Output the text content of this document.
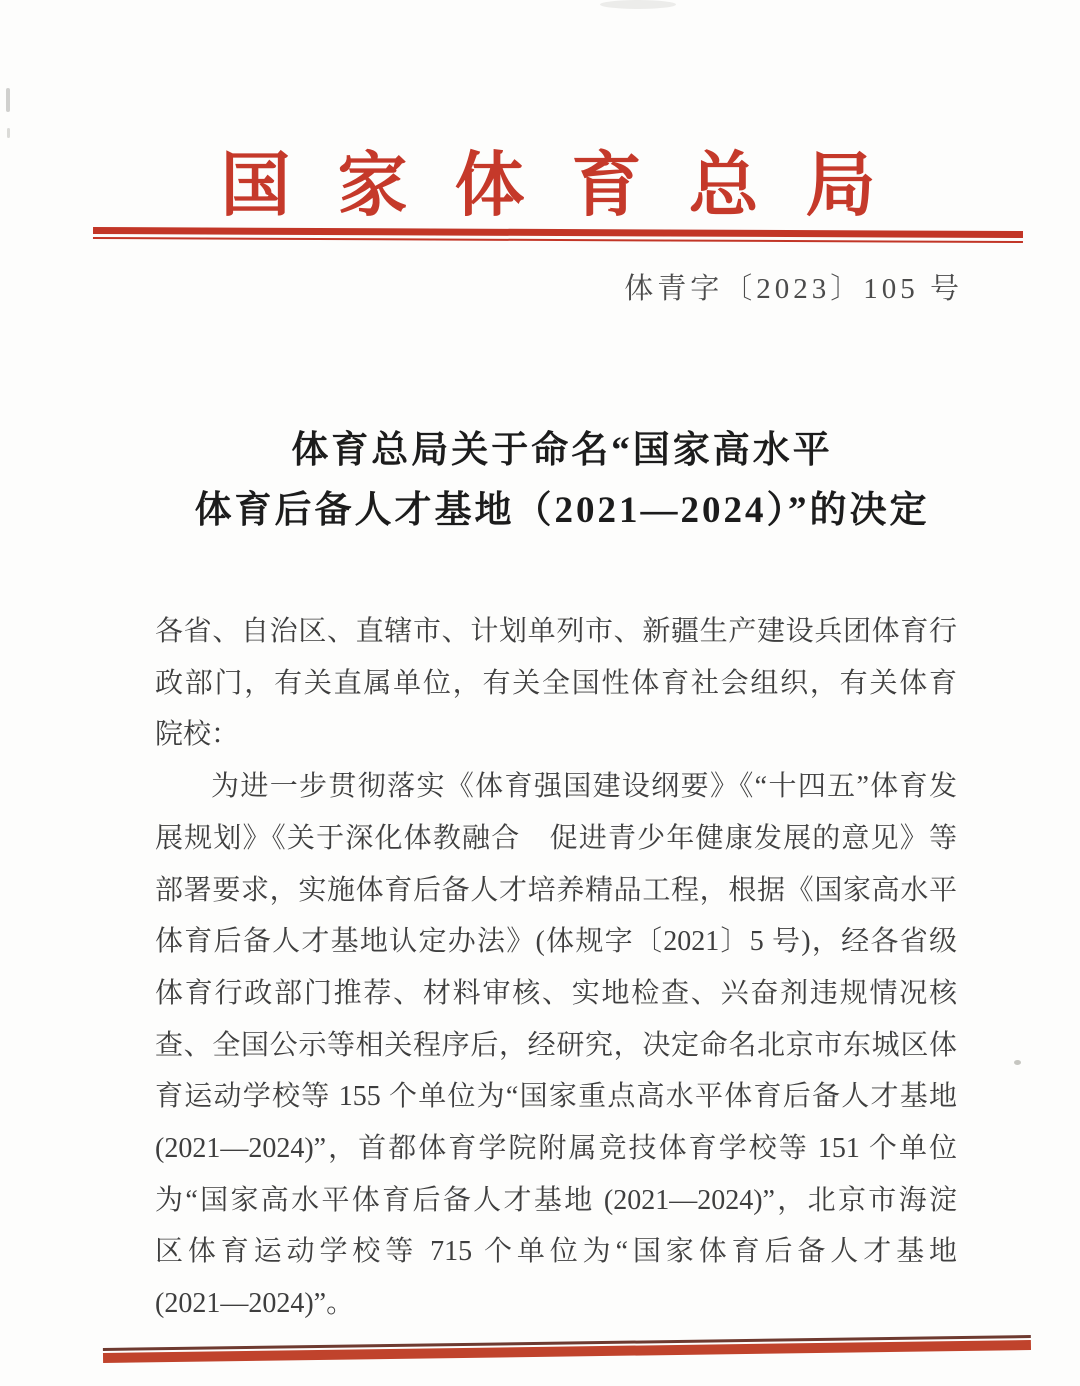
国家体育总局
体青字〔2023〕105 号
体育总局关于命名“国家高水平
体育后备人才基地（2021—2024）”的决定
各省、自治区、直辖市、计划单列市、新疆生产建设兵团体育行
政部门，有关直属单位，有关全国性体育社会组织，有关体育
院校：
为进一步贯彻落实《体育强国建设纲要》《“十四五”体育发
展规划》《关于深化体教融合　促进青少年健康发展的意见》等
部署要求，实施体育后备人才培养精品工程，根据《国家高水平
体育后备人才基地认定办法》(体规字〔2021〕5 号)，经各省级
体育行政部门推荐、材料审核、实地检查、兴奋剂违规情况核
查、全国公示等相关程序后，经研究，决定命名北京市东城区体
育运动学校等 155 个单位为“国家重点高水平体育后备人才基地
(2021—2024)”，首都体育学院附属竞技体育学校等 151 个单位
为“国家高水平体育后备人才基地 (2021—2024)”，北京市海淀
区体育运动学校等 715 个单位为“国家体育后备人才基地
(2021—2024)”。
